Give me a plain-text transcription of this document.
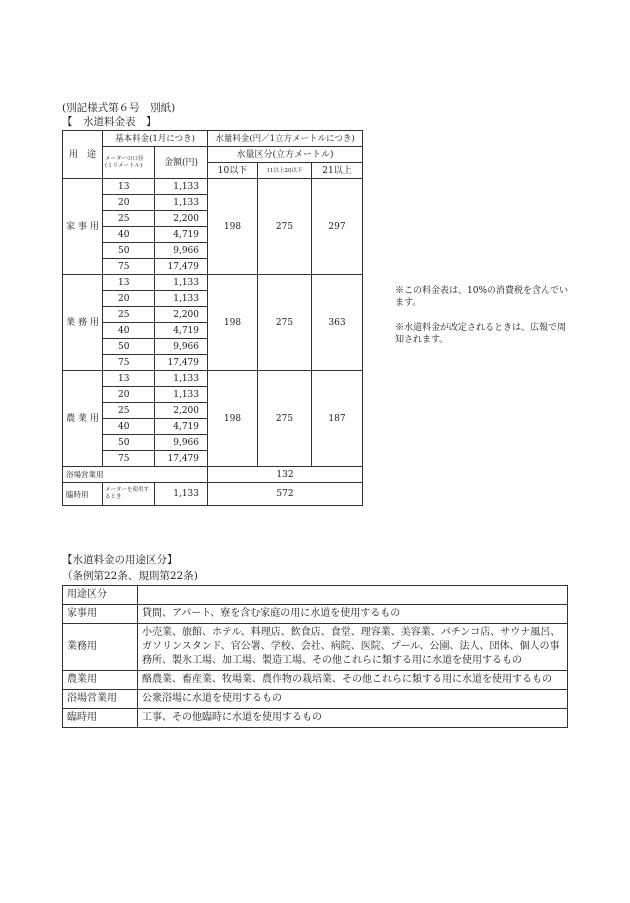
(別記様式第６号　別紙)
【　水道料金表　】
用　途	基本料金(1月につき)		水量料金(円／1立方メートルにつき)		

	メーターの口径
(ミリメートル)	金額(円)	水量区分(立方メートル)		
			10以下	11以上20以下	21以上
家 事 用	13	1,133	198	275	297
	20	1,133			
	25	2,200			
	40	4,719			
	50	9,966			
	75	17,479			
業 務 用	13	1,133	198	275	363
	20	1,133			
	25	2,200			
	40	4,719			
	50	9,966			
	75	17,479			
農 業 用	13	1,133	198	275	187
	20	1,133			
	25	2,200			
	40	4,719			
	50	9,966			
	75	17,479			
浴場営業用			132		
臨時用	メーターを使用するとき	1,133	572		
※この料金表は、10%の消費税を含んでいます。
※水道料金が改定されるときは、広報で周知されます。
【水道料金の用途区分】
（条例第22条、規則第22条)
用途区分	
家事用	貸間、アパート、寮を含む家庭の用に水道を使用するもの
業務用	小売業、旅館、ホテル、料理店、飲食店、食堂、理容業、美容業、パチンコ店、サウナ風呂、ガソリンスタンド、官公署、学校、会社、病院、医院、プール、公園、法人、団体、個人の事務所、製氷工場、加工場、製造工場、その他これらに類する用に水道を使用するもの
農業用	酪農業、畜産業、牧場業、農作物の栽培業、その他これらに類する用に水道を使用するもの
浴場営業用	公衆浴場に水道を使用するもの
臨時用	工事、その他臨時に水道を使用するもの
